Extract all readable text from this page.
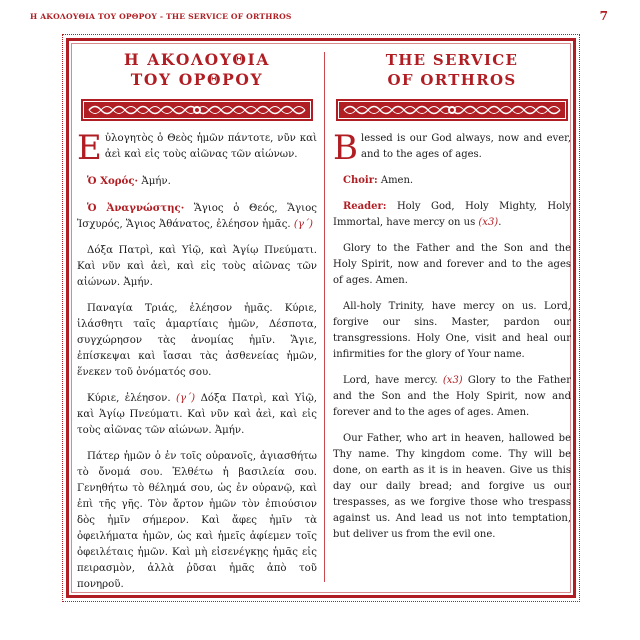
Η ΑΚΟΛΟΥΘΙΑ ΤΟΥ ΟΡΘΡΟΥ - THE SERVICE OF ORTHROS	7
Η ΑΚΟΛΟΥΘΙΑ
ΤΟΥ ΟΡΘΡΟΥ

Εὐλογητὸς ὁ Θεὸς ἡμῶν πάντοτε, νῦν καὶ ἀεὶ καὶ εἰς τοὺς αἰῶνας τῶν αἰώνων.

Ὁ Χορός· Ἀμήν.

Ὁ Ἀναγνώστης· Ἅγιος ὁ Θεός, Ἅγιος Ἰσχυρός, Ἅγιος Ἀθάνατος, ἐλέησον ἡμᾶς. (γ´)

Δόξα Πατρὶ, καὶ Υἱῷ, καὶ Ἁγίῳ Πνεύματι. Καὶ νῦν καὶ ἀεὶ, καὶ εἰς τοὺς αἰῶνας τῶν αἰώνων. Ἀμήν.

Παναγία Τριάς, ἐλέησον ἡμᾶς. Κύριε, ἱλάσθητι ταῖς ἁμαρτίαις ἡμῶν, Δέσποτα, συγχώρησον τὰς ἀνομίας ἡμῖν. Ἅγιε, ἐπίσκεψαι καὶ ἴασαι τὰς ἀσθενείας ἡμῶν, ἕνεκεν τοῦ ὀνόματός σου.

Κύριε, ἐλέησον. (γ´) Δόξα Πατρὶ, καὶ Υἱῷ, καὶ Ἁγίῳ Πνεύματι. Καὶ νῦν καὶ ἀεὶ, καὶ εἰς τοὺς αἰῶνας τῶν αἰώνων. Ἀμήν.

Πάτερ ἡμῶν ὁ ἐν τοῖς οὐρανοῖς, ἁγιασθήτω τὸ ὄνομά σου. Ἐλθέτω ἡ βασιλεία σου. Γενηθήτω τὸ θέλημά σου, ὡς ἐν οὐρανῷ, καὶ ἐπὶ τῆς γῆς. Τὸν ἄρτον ἡμῶν τὸν ἐπιούσιον δὸς ἡμῖν σήμερον. Καὶ ἄφες ἡμῖν τὰ ὀφειλήματα ἡμῶν, ὡς καὶ ἡμεῖς ἀφίεμεν τοῖς ὀφειλέταις ἡμῶν. Καὶ μὴ εἰσενέγκῃς ἡμᾶς εἰς πειρασμὸν, ἀλλὰ ῥῦσαι ἡμᾶς ἀπὸ τοῦ πονηροῦ.

THE SERVICE
OF ORTHROS

Blessed is our God always, now and ever, and to the ages of ages.

Choir: Amen.

Reader: Holy God, Holy Mighty, Holy Immortal, have mercy on us (x3).

Glory to the Father and the Son and the Holy Spirit, now and forever and to the ages of ages. Amen.

All-holy Trinity, have mercy on us. Lord, forgive our sins. Master, pardon our transgressions. Holy One, visit and heal our infirmities for the glory of Your name.

Lord, have mercy. (x3) Glory to the Father and the Son and the Holy Spirit, now and forever and to the ages of ages. Amen.

Our Father, who art in heaven, hallowed be Thy name. Thy kingdom come. Thy will be done, on earth as it is in heaven. Give us this day our daily bread; and forgive us our trespasses, as we forgive those who trespass against us. And lead us not into temptation, but deliver us from the evil one.
